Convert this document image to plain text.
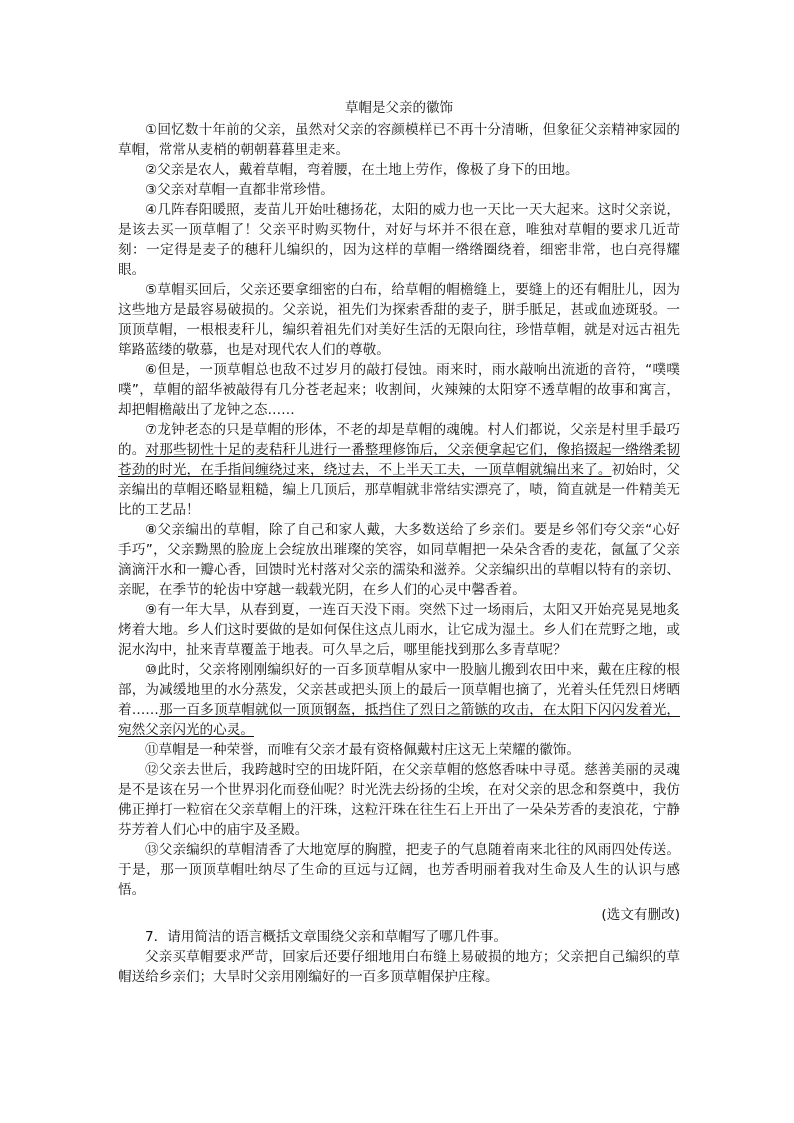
草帽是父亲的徽饰

①回忆数十年前的父亲，虽然对父亲的容颜模样已不再十分清晰，但象征父亲精神家园的草帽，常常从麦梢的朝朝暮暮里走来。

②父亲是农人，戴着草帽，弯着腰，在土地上劳作，像极了身下的田地。

③父亲对草帽一直都非常珍惜。

④几阵春阳暖照，麦苗儿开始吐穗扬花，太阳的威力也一天比一天大起来。这时父亲说，是该去买一顶草帽了！父亲平时购买物什，对好与坏并不很在意，唯独对草帽的要求几近苛刻：一定得是麦子的穗秆儿编织的，因为这样的草帽一绺绺圈绕着，细密非常，也白亮得耀眼。

⑤草帽买回后，父亲还要拿细密的白布，给草帽的帽檐缝上，要缝上的还有帽肚儿，因为这些地方是最容易破损的。父亲说，祖先们为探索香甜的麦子，胼手胝足，甚或血迹斑驳。一顶顶草帽，一根根麦秆儿，编织着祖先们对美好生活的无限向往，珍惜草帽，就是对远古祖先筚路蓝缕的敬慕，也是对现代农人们的尊敬。

⑥但是，一顶草帽总也敌不过岁月的敲打侵蚀。雨来时，雨水敲响出流逝的音符，“噗噗噗”，草帽的韶华被敲得有几分苍老起来；收割间，火辣辣的太阳穿不透草帽的故事和寓言，却把帽檐敲出了龙钟之态……

⑦龙钟老态的只是草帽的形体，不老的却是草帽的魂魄。村人们都说，父亲是村里手最巧的。对那些韧性十足的麦秸秆儿进行一番整理修饰后，父亲便拿起它们，像掐掇起一绺绺柔韧苍劲的时光，在手指间缠绕过来，绕过去，不上半天工夫，一顶草帽就编出来了。初始时，父亲编出的草帽还略显粗糙，编上几顶后，那草帽就非常结实漂亮了，啧，简直就是一件精美无比的工艺品！

⑧父亲编出的草帽，除了自己和家人戴，大多数送给了乡亲们。要是乡邻们夸父亲“心好手巧”，父亲黝黑的脸庞上会绽放出璀璨的笑容，如同草帽把一朵朵含香的麦花，氤氲了父亲滴滴汗水和一瓣心香，回馈时光村落对父亲的濡染和滋养。父亲编织出的草帽以特有的亲切、亲昵，在季节的轮齿中穿越一载载光阴，在乡人们的心灵中馨香着。

⑨有一年大旱，从春到夏，一连百天没下雨。突然下过一场雨后，太阳又开始亮晃晃地炙烤着大地。乡人们这时要做的是如何保住这点儿雨水，让它成为湿土。乡人们在荒野之地，或泥水沟中，扯来青草覆盖于地表。可久旱之后，哪里能找到那么多青草呢？

⑩此时，父亲将刚刚编织好的一百多顶草帽从家中一股脑儿搬到农田中来，戴在庄稼的根部，为减缓地里的水分蒸发，父亲甚或把头顶上的最后一顶草帽也摘了，光着头任凭烈日烤晒着……那一百多顶草帽就似一顶顶钢盔，抵挡住了烈日之箭镞的攻击，在太阳下闪闪发着光，宛然父亲闪光的心灵。

⑪草帽是一种荣誉，而唯有父亲才最有资格佩戴村庄这无上荣耀的徽饰。

⑫父亲去世后，我跨越时空的田垅阡陌，在父亲草帽的悠悠香味中寻觅。慈善美丽的灵魂是不是该在另一个世界羽化而登仙呢？时光洗去纷扬的尘埃，在对父亲的思念和祭奠中，我仿佛正掸打一粒宿在父亲草帽上的汗珠，这粒汗珠在往生石上开出了一朵朵芳香的麦浪花，宁静芬芳着人们心中的庙宇及圣殿。

⑬父亲编织的草帽清香了大地宽厚的胸膛，把麦子的气息随着南来北往的风雨四处传送。于是，那一顶顶草帽吐纳尽了生命的亘远与辽阔，也芳香明丽着我对生命及人生的认识与感悟。

(选文有删改)

7．请用简洁的语言概括文章围绕父亲和草帽写了哪几件事。

父亲买草帽要求严苛，回家后还要仔细地用白布缝上易破损的地方；父亲把自己编织的草帽送给乡亲们；大旱时父亲用刚编好的一百多顶草帽保护庄稼。
